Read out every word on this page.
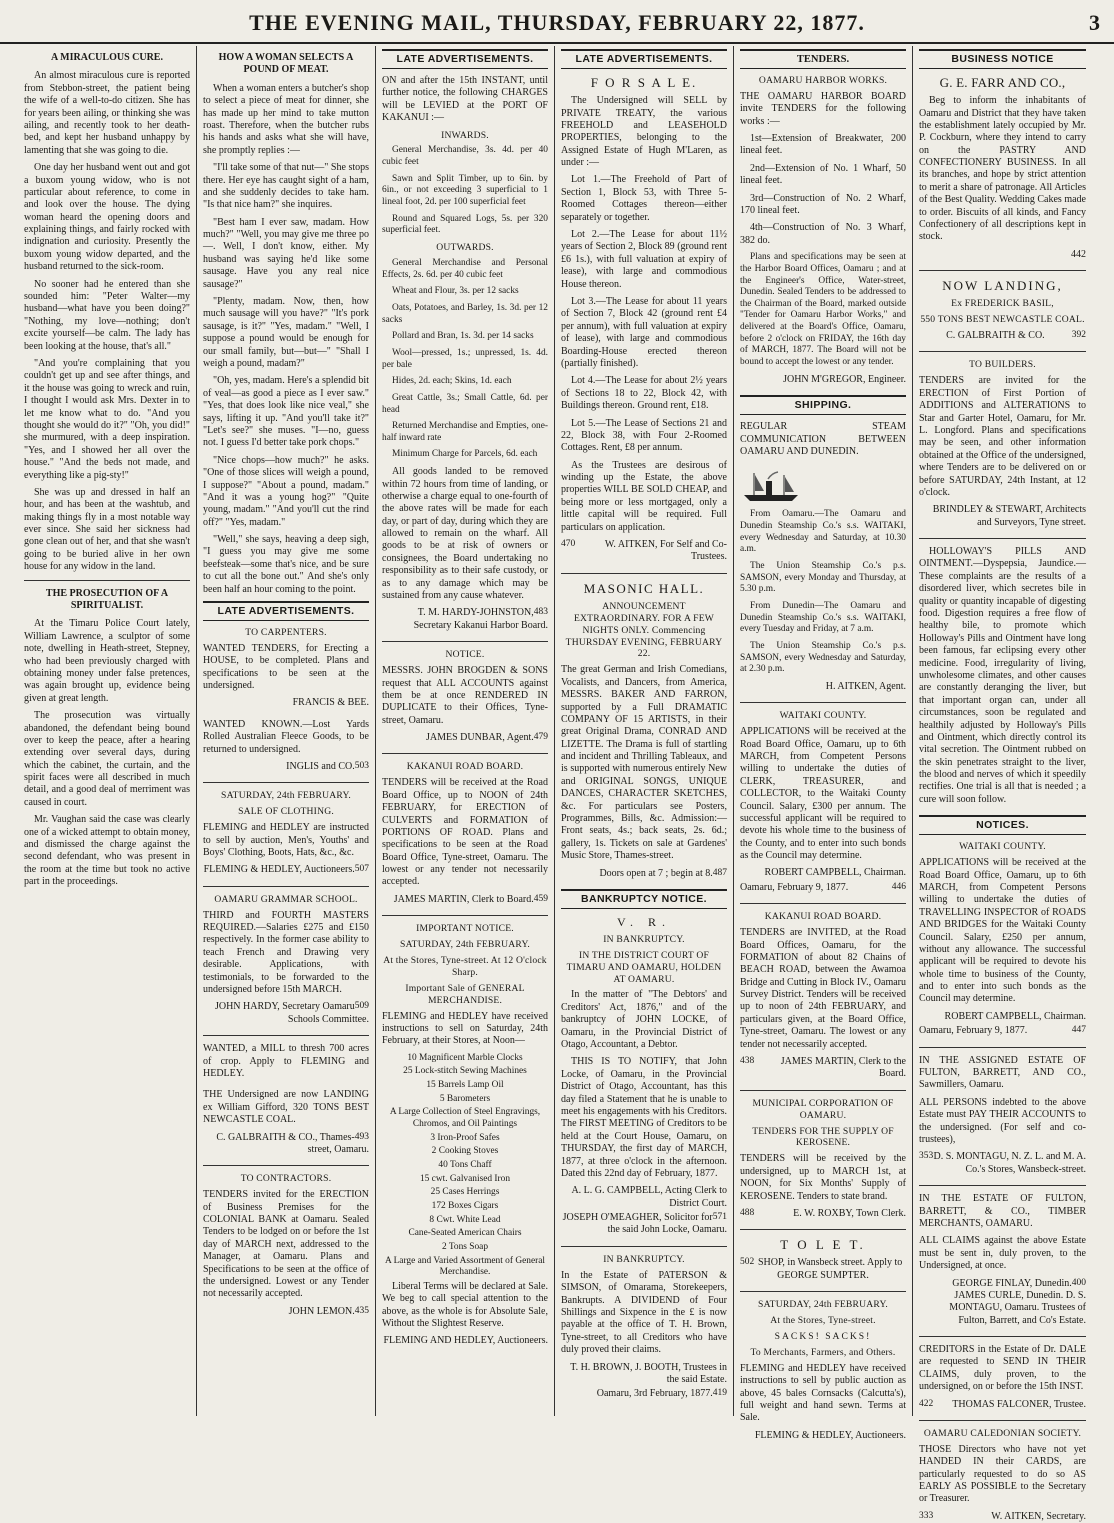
THE EVENING MAIL, THURSDAY, FEBRUARY 22, 1877.	3
A MIRACULOUS CURE.
An almost miraculous cure is reported from Stebbon-street, the patient being the wife of a well-to-do citizen. She has for years been ailing, or thinking she was ailing, and recently took to her death-bed, and kept her husband unhappy by lamenting that she was going to die.
One day her husband went out and got a buxom young widow, who is not particular about reference, to come in and look over the house. The dying woman heard the opening doors and explaining things, and fairly rocked with indignation and curiosity. Presently the buxom young widow departed, and the husband returned to the sick-room.
No sooner had he entered than she sounded him: "Peter Walter—my husband—what have you been doing?" "Nothing, my love—nothing; don't excite yourself—be calm. The lady has been looking at the house, that's all."
"And you're complaining that you couldn't get up and see after things, and it the house was going to wreck and ruin, I thought I would ask Mrs. Dexter in to let me know what to do. "And you thought she would do it?" "Oh, you did!" she murmured, with a deep inspiration. "Yes, and I showed her all over the house." "And the beds not made, and everything like a pig-sty!"
She was up and dressed in half an hour, and has been at the washtub, and making things fly in a most notable way ever since. She said her sickness had gone clean out of her, and that she wasn't going to be buried alive in her own house for any widow in the land.
THE PROSECUTION OF A SPIRITUALIST.
At the Timaru Police Court lately, William Lawrence, a sculptor of some note, dwelling in Heath-street, Stepney, who had been previously charged with obtaining money under false pretences, was again brought up, evidence being given at great length.
The prosecution was virtually abandoned, the defendant being bound over to keep the peace, after a hearing extending over several days, during which the cabinet, the curtain, and the spirit faces were all described in much detail, and a good deal of merriment was caused in court.
Mr. Vaughan said the case was clearly one of a wicked attempt to obtain money, and dismissed the charge against the second defendant, who was present in the room at the time but took no active part in the proceedings.
HOW A WOMAN SELECTS A POUND OF MEAT.
When a woman enters a butcher's shop to select a piece of meat for dinner, she has made up her mind to take mutton roast. Therefore, when the butcher rubs his hands and asks what she will have, she promptly replies :—
"I'll take some of that nut—" She stops there. Her eye has caught sight of a ham, and she suddenly decides to take ham. "Is that nice ham?" she inquires.
"Best ham I ever saw, madam. How much?" "Well, you may give me three po—. Well, I don't know, either. My husband was saying he'd like some sausage. Have you any real nice sausage?"
"Plenty, madam. Now, then, how much sausage will you have?" "It's pork sausage, is it?" "Yes, madam." "Well, I suppose a pound would be enough for our small family, but—but—" "Shall I weigh a pound, madam?"
"Oh, yes, madam. Here's a splendid bit of veal—as good a piece as I ever saw." "Yes, that does look like nice veal," she says, lifting it up. "And you'll take it?" "Let's see?" she muses. "I—no, guess not. I guess I'd better take pork chops."
"Nice chops—how much?" he asks. "One of those slices will weigh a pound, I suppose?" "About a pound, madam." "And it was a young hog?" "Quite young, madam." "And you'll cut the rind off?" "Yes, madam."
"Well," she says, heaving a deep sigh, "I guess you may give me some beefsteak—some that's nice, and be sure to cut all the bone out." And she's only been half an hour coming to the point.
LATE ADVERTISEMENTS.
TO CARPENTERS.
WANTED TENDERS, for Erecting a HOUSE, to be completed. Plans and specifications to be seen at the undersigned.
FRANCIS & BEE.
WANTED KNOWN.—Lost Yards Rolled Australian Fleece Goods, to be returned to undersigned.
503
INGLIS and CO.
SATURDAY, 24th FEBRUARY.
SALE OF CLOTHING.
FLEMING and HEDLEY are instructed to sell by auction, Men's, Youths' and Boys' Clothing, Boots, Hats, &c., &c.
507
FLEMING & HEDLEY, Auctioneers.
OAMARU GRAMMAR SCHOOL.
THIRD and FOURTH MASTERS REQUIRED.—Salaries £275 and £150 respectively. In the former case ability to teach French and Drawing very desirable. Applications, with testimonials, to be forwarded to the undersigned before 15th MARCH.
509
JOHN HARDY, Secretary Oamaru Schools Committee.
WANTED, a MILL to thresh 700 acres of crop. Apply to FLEMING and HEDLEY.
THE Undersigned are now LANDING ex William Gifford, 320 TONS BEST NEWCASTLE COAL.
493
C. GALBRAITH & CO., Thames-street, Oamaru.
TO CONTRACTORS.
TENDERS invited for the ERECTION of Business Premises for the COLONIAL BANK at Oamaru. Sealed Tenders to be lodged on or before the 1st day of MARCH next, addressed to the Manager, at Oamaru. Plans and Specifications to be seen at the office of the undersigned. Lowest or any Tender not necessarily accepted.
435
JOHN LEMON.
LATE ADVERTISEMENTS.
ON and after the 15th INSTANT, until further notice, the following CHARGES will be LEVIED at the PORT OF KAKANUI :—
INWARDS.
General Merchandise, 3s. 4d. per 40 cubic feet
Sawn and Split Timber, up to 6in. by 6in., or not exceeding 3 superficial to 1 lineal foot, 2d. per 100 superficial feet
Round and Squared Logs, 5s. per 320 superficial feet.
OUTWARDS.
General Merchandise and Personal Effects, 2s. 6d. per 40 cubic feet
Wheat and Flour, 3s. per 12 sacks
Oats, Potatoes, and Barley, 1s. 3d. per 12 sacks
Pollard and Bran, 1s. 3d. per 14 sacks
Wool—pressed, 1s.; unpressed, 1s. 4d. per bale
Hides, 2d. each; Skins, 1d. each
Great Cattle, 3s.; Small Cattle, 6d. per head
Returned Merchandise and Empties, one-half inward rate
Minimum Charge for Parcels, 6d. each
All goods landed to be removed within 72 hours from time of landing, or otherwise a charge equal to one-fourth of the above rates will be made for each day, or part of day, during which they are allowed to remain on the wharf. All goods to be at risk of owners or consignees, the Board undertaking no responsibility as to their safe custody, or as to any damage which may be sustained from any cause whatever.
483
T. M. HARDY-JOHNSTON, Secretary Kakanui Harbor Board.
NOTICE.
MESSRS. JOHN BROGDEN & SONS request that ALL ACCOUNTS against them be at once RENDERED IN DUPLICATE to their Offices, Tyne-street, Oamaru.
479
JAMES DUNBAR, Agent.
KAKANUI ROAD BOARD.
TENDERS will be received at the Road Board Office, up to NOON of 24th FEBRUARY, for ERECTION of CULVERTS and FORMATION of PORTIONS OF ROAD. Plans and specifications to be seen at the Road Board Office, Tyne-street, Oamaru. The lowest or any tender not necessarily accepted.
459
JAMES MARTIN, Clerk to Board.
IMPORTANT NOTICE.
SATURDAY, 24th FEBRUARY.
At the Stores, Tyne-street. At 12 O'clock Sharp.
Important Sale of GENERAL MERCHANDISE.
FLEMING and HEDLEY have received instructions to sell on Saturday, 24th February, at their Stores, at Noon—
10 Magnificent Marble Clocks
25 Lock-stitch Sewing Machines
15 Barrels Lamp Oil
5 Barometers
A Large Collection of Steel Engravings, Chromos, and Oil Paintings
3 Iron-Proof Safes
2 Cooking Stoves
40 Tons Chaff
15 cwt. Galvanised Iron
25 Cases Herrings
172 Boxes Cigars
8 Cwt. White Lead
Cane-Seated American Chairs
2 Tons Soap
A Large and Varied Assortment of General Merchandise.
Liberal Terms will be declared at Sale. We beg to call special attention to the above, as the whole is for Absolute Sale, Without the Slightest Reserve.
FLEMING AND HEDLEY, Auctioneers.
LATE ADVERTISEMENTS.
F O R S A L E.
The Undersigned will SELL by PRIVATE TREATY, the various FREEHOLD and LEASEHOLD PROPERTIES, belonging to the Assigned Estate of Hugh M'Laren, as under :—
Lot 1.—The Freehold of Part of Section 1, Block 53, with Three 5-Roomed Cottages thereon—either separately or together.
Lot 2.—The Lease for about 11½ years of Section 2, Block 89 (ground rent £6 1s.), with full valuation at expiry of lease), with large and commodious House thereon.
Lot 3.—The Lease for about 11 years of Section 7, Block 42 (ground rent £4 per annum), with full valuation at expiry of lease), with large and commodious Boarding-House erected thereon (partially finished).
Lot 4.—The Lease for about 2½ years of Sections 18 to 22, Block 42, with Buildings thereon. Ground rent, £18.
Lot 5.—The Lease of Sections 21 and 22, Block 38, with Four 2-Roomed Cottages. Rent, £8 per annum.
As the Trustees are desirous of winding up the Estate, the above properties WILL BE SOLD CHEAP, and being more or less mortgaged, only a little capital will be required. Full particulars on application.
470	W. AITKEN, For Self and Co-Trustees.
MASONIC HALL.
ANNOUNCEMENT EXTRAORDINARY. FOR A FEW NIGHTS ONLY. Commencing THURSDAY EVENING, FEBRUARY 22.
The great German and Irish Comedians, Vocalists, and Dancers, from America, MESSRS. BAKER AND FARRON, supported by a Full DRAMATIC COMPANY OF 15 ARTISTS, in their great Original Drama, CONRAD AND LIZETTE. The Drama is full of startling and incident and Thrilling Tableaux, and is supported with numerous entirely New and ORIGINAL SONGS, UNIQUE DANCES, CHARACTER SKETCHES, &c. For particulars see Posters, Programmes, Bills, &c. Admission:—Front seats, 4s.; back seats, 2s. 6d.; gallery, 1s. Tickets on sale at Gardenes' Music Store, Thames-street.
487
Doors open at 7 ; begin at 8.
BANKRUPTCY NOTICE.
V. R.
IN BANKRUPTCY.
IN THE DISTRICT COURT OF TIMARU AND OAMARU, HOLDEN AT OAMARU.
In the matter of "The Debtors' and Creditors' Act, 1876," and of the bankruptcy of JOHN LOCKE, of Oamaru, in the Provincial District of Otago, Accountant, a Debtor.
THIS IS TO NOTIFY, that John Locke, of Oamaru, in the Provincial District of Otago, Accountant, has this day filed a Statement that he is unable to meet his engagements with his Creditors. The FIRST MEETING of Creditors to be held at the Court House, Oamaru, on THURSDAY, the first day of MARCH, 1877, at three o'clock in the afternoon. Dated this 22nd day of February, 1877.
A. L. G. CAMPBELL, Acting Clerk to District Court.
571
JOSEPH O'MEAGHER, Solicitor for the said John Locke, Oamaru.
IN BANKRUPTCY.
In the Estate of PATERSON & SIMSON, of Omarama, Storekeepers, Bankrupts. A DIVIDEND of Four Shillings and Sixpence in the £ is now payable at the office of T. H. Brown, Tyne-street, to all Creditors who have duly proved their claims.
T. H. BROWN, J. BOOTH, Trustees in the said Estate.
419
Oamaru, 3rd February, 1877.
TENDERS.
OAMARU HARBOR WORKS.
THE OAMARU HARBOR BOARD invite TENDERS for the following works :—
1st—Extension of Breakwater, 200 lineal feet.
2nd—Extension of No. 1 Wharf, 50 lineal feet.
3rd—Construction of No. 2 Wharf, 170 lineal feet.
4th—Construction of No. 3 Wharf, 382 do.
Plans and specifications may be seen at the Harbor Board Offices, Oamaru ; and at the Engineer's Office, Water-street, Dunedin. Sealed Tenders to be addressed to the Chairman of the Board, marked outside "Tender for Oamaru Harbor Works," and delivered at the Board's Office, Oamaru, before 2 o'clock on FRIDAY, the 16th day of MARCH, 1877. The Board will not be bound to accept the lowest or any tender.
JOHN M'GREGOR, Engineer.
SHIPPING.
REGULAR STEAM COMMUNICATION BETWEEN OAMARU AND DUNEDIN.
From Oamaru.—The Oamaru and Dunedin Steamship Co.'s s.s. WAITAKI, every Wednesday and Saturday, at 10.30 a.m.
The Union Steamship Co.'s p.s. SAMSON, every Monday and Thursday, at 5.30 p.m.
From Dunedin—The Oamaru and Dunedin Steamship Co.'s s.s. WAITAKI, every Tuesday and Friday, at 7 a.m.
The Union Steamship Co.'s p.s. SAMSON, every Wednesday and Saturday, at 2.30 p.m.
H. AITKEN, Agent.
WAITAKI COUNTY.
APPLICATIONS will be received at the Road Board Office, Oamaru, up to 6th MARCH, from Competent Persons willing to undertake the duties of CLERK, TREASURER, and COLLECTOR, to the Waitaki County Council. Salary, £300 per annum. The successful applicant will be required to devote his whole time to the business of the County, and to enter into such bonds as the Council may determine.
ROBERT CAMPBELL, Chairman.
446
Oamaru, February 9, 1877.
KAKANUI ROAD BOARD.
TENDERS are INVITED, at the Road Board Offices, Oamaru, for the FORMATION of about 82 Chains of BEACH ROAD, between the Awamoa Bridge and Cutting in Block IV., Oamaru Survey District. Tenders will be received up to noon of 24th FEBRUARY, and particulars given, at the Board Office, Tyne-street, Oamaru. The lowest or any tender not necessarily accepted.
438	JAMES MARTIN, Clerk to the Board.
MUNICIPAL CORPORATION OF OAMARU.
TENDERS FOR THE SUPPLY OF KEROSENE.
TENDERS will be received by the undersigned, up to MARCH 1st, at NOON, for Six Months' Supply of KEROSENE. Tenders to state brand.
488	E. W. ROXBY, Town Clerk.
T O L E T.
502 SHOP, in Wansbeck street. Apply to GEORGE SUMPTER.
SATURDAY, 24th FEBRUARY.
At the Stores, Tyne-street.
SACKS! SACKS!
To Merchants, Farmers, and Others.
FLEMING and HEDLEY have received instructions to sell by public auction as above, 45 bales Cornsacks (Calcutta's), full weight and hand sewn. Terms at Sale.
FLEMING & HEDLEY, Auctioneers.
BUSINESS NOTICE
G. E. FARR AND CO.,
Beg to inform the inhabitants of Oamaru and District that they have taken the establishment lately occupied by Mr. P. Cockburn, where they intend to carry on the PASTRY AND CONFECTIONERY BUSINESS. In all its branches, and hope by strict attention to merit a share of patronage. All Articles of the Best Quality. Wedding Cakes made to order. Biscuits of all kinds, and Fancy Confectionery of all descriptions kept in stock.
442
NOW LANDING,
Ex FREDERICK BASIL,
550 TONS BEST NEWCASTLE COAL.
392
C. GALBRAITH & CO.
TO BUILDERS.
TENDERS are invited for the ERECTION of First Portion of ADDITIONS and ALTERATIONS to Star and Garter Hotel, Oamaru, for Mr. L. Longford. Plans and specifications may be seen, and other information obtained at the Office of the undersigned, where Tenders are to be delivered on or before SATURDAY, 24th Instant, at 12 o'clock.
BRINDLEY & STEWART, Architects and Surveyors, Tyne street.
HOLLOWAY'S PILLS AND OINTMENT.—Dyspepsia, Jaundice.—These complaints are the results of a disordered liver, which secretes bile in quality or quantity incapable of digesting food. Digestion requires a free flow of healthy bile, to promote which Holloway's Pills and Ointment have long been famous, far eclipsing every other medicine. Food, irregularity of living, unwholesome climates, and other causes are constantly deranging the liver, but that important organ can, under all circumstances, soon be regulated and healthily adjusted by Holloway's Pills and Ointment, which directly control its vital secretion. The Ointment rubbed on the skin penetrates straight to the liver, the blood and nerves of which it speedily rectifies. One trial is all that is needed ; a cure will soon follow.
NOTICES.
WAITAKI COUNTY.
APPLICATIONS will be received at the Road Board Office, Oamaru, up to 6th MARCH, from Competent Persons willing to undertake the duties of TRAVELLING INSPECTOR of ROADS AND BRIDGES for the Waitaki County Council. Salary, £250 per annum, without any allowance. The successful applicant will be required to devote his whole time to business of the County, and to enter into such bonds as the Council may determine.
ROBERT CAMPBELL, Chairman.
447
Oamaru, February 9, 1877.
IN THE ASSIGNED ESTATE OF FULTON, BARRETT, AND CO., Sawmillers, Oamaru.
ALL PERSONS indebted to the above Estate must PAY THEIR ACCOUNTS to the undersigned. (For self and co-trustees),
353 D. S. MONTAGU, N. Z. L. and M. A. Co.'s Stores, Wansbeck-street.
IN THE ESTATE OF FULTON, BARRETT, & CO., TIMBER MERCHANTS, OAMARU.
ALL CLAIMS against the above Estate must be sent in, duly proven, to the Undersigned, at once.
400
GEORGE FINLAY, Dunedin. JAMES CURLE, Dunedin. D. S. MONTAGU, Oamaru. Trustees of Fulton, Barrett, and Co's Estate.
CREDITORS in the Estate of Dr. DALE are requested to SEND IN THEIR CLAIMS, duly proven, to the undersigned, on or before the 15th INST.
422 THOMAS FALCONER, Trustee.
OAMARU CALEDONIAN SOCIETY.
THOSE Directors who have not yet HANDED IN their CARDS, are particularly requested to do so AS EARLY AS POSSIBLE to the Secretary or Treasurer.
333	W. AITKEN, Secretary.
